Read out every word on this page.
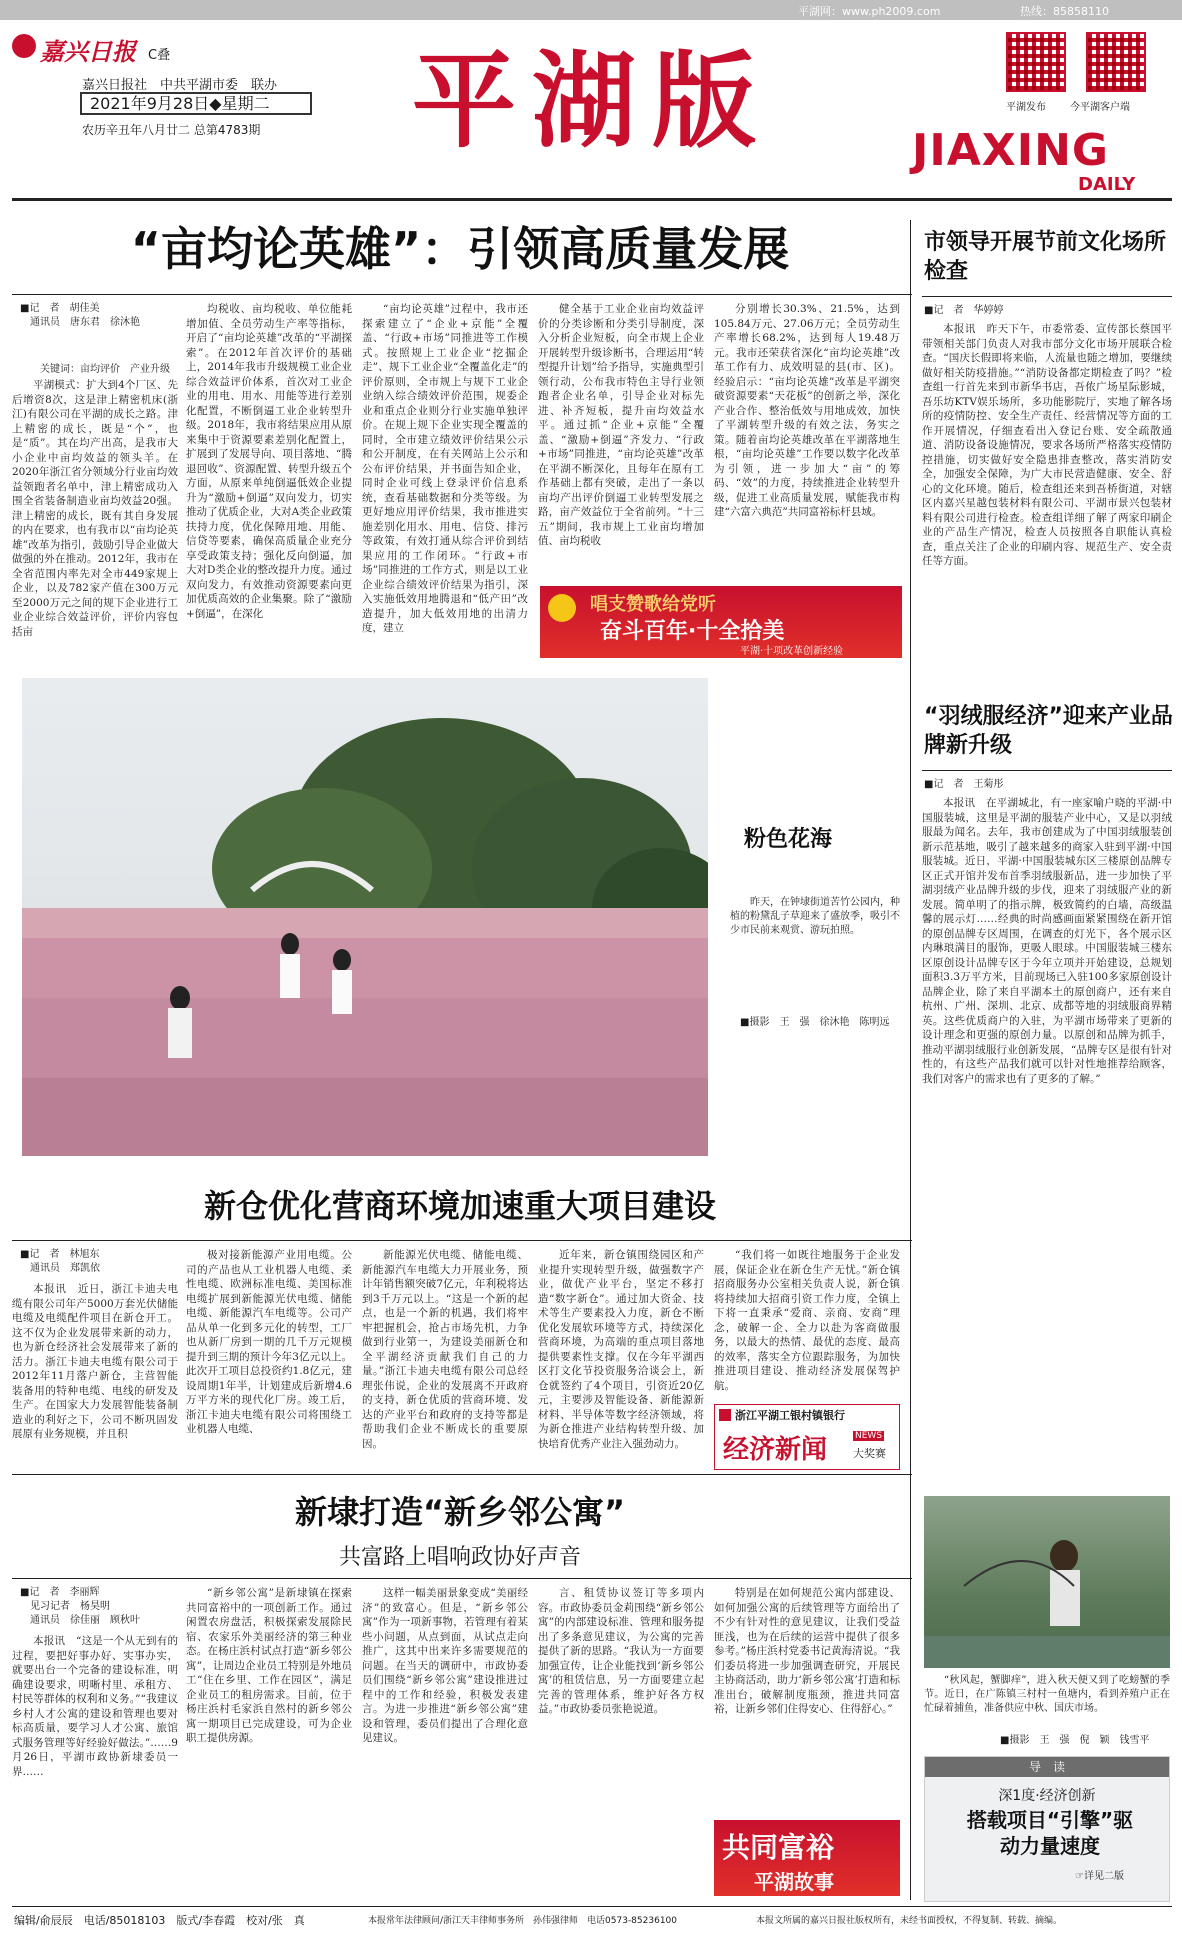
平湖网：www.ph2009.com	热线：85858110
嘉兴日报 C叠
嘉兴日报社　中共平湖市委　联办
2021年9月28日◆星期二
农历辛丑年八月廿二 总第4783期 平湖版	平湖发布 今平湖客户端
JIAXING
DAILY
“亩均论英雄”：引领高质量发展
■记　者　胡佳美
　通讯员　唐东君　徐沐艳
关键词：亩均评价　产业升级

平湖模式：扩大到4个厂区、先后增资8次，这是津上精密机床(浙江)有限公司在平湖的成长之路。津上精密的成长，既是“个”，也是“质”。其在均产出高，是我市大小企业中亩均效益的领头羊。在2020年浙江省分领域分行业亩均效益领跑者名单中，津上精密成功入围全省装备制造业亩均效益20强。津上精密的成长，既有其自身发展的内在要求，也有我市以“亩均论英雄”改革为指引，鼓励引导企业做大做强的外在推动。2012年，我市在全省范围内率先对全市449家规上企业，以及782家产值在300万元至2000万元之间的规下企业进行工业企业综合效益评价，评价内容包括亩

均税收、亩均税收、单位能耗增加值、全员劳动生产率等指标，开启了“亩均论英雄”改革的“平湖探索”。在2012年首次评价的基础上，2014年我市升级规模工业企业综合效益评价体系，首次对工业企业的用电、用水、用能等进行差别化配置，不断倒逼工业企业转型升级。2018年，我市将结果应用从原来集中于资源要素差别化配置上，扩展到了发展导向、项目落地、“腾退回收”、资源配置、转型升级五个方面，从原来单纯倒逼低效企业提升为“激励+倒逼”双向发力，切实推动了优质企业，大对A类企业政策扶持力度，优化保障用地、用能、信贷等要素，确保高质量企业充分享受政策支持；强化反向倒逼，加大对D类企业的整改提升力度。通过双向发力，有效推动资源要素向更加优质高效的企业集聚。除了“激励+倒逼”，在深化

“亩均论英雄”过程中，我市还探索建立了“企业+京能”全覆盖、“行政+市场”同推进等工作模式。按照规上工业企业“挖掘企走”、规下工业企业“全覆盖化走”的评价原则，全市规上与规下工业企业纳入综合绩效评价范围，规委企业和重点企业则分行业实施单独评价。在规上规下企业实现全覆盖的同时，全市建立绩效评价结果公示和公开制度，在有关网站上公示和公布评价结果，并书面告知企业，同时企业可线上登录评价信息系统，查看基础数据和分类等级。为更好地应用评价结果，我市推进实施差别化用水、用电、信贷、排污等政策，有效打通从综合评价到结果应用的工作闭环。“行政+市场”同推进的工作方式，则是以工业企业综合绩效评价结果为指引，深入实施低效用地腾退和“低产田”改造提升，加大低效用地的出清力度，建立

健全基于工业企业亩均效益评价的分类诊断和分类引导制度，深入分析企业短板，向全市规上企业开展转型升级诊断书，合理运用“转型提升计划”给予指导，实施典型引领行动，公布我市特色主导行业领跑者企业名单，引导企业对标先进、补齐短板，提升亩均效益水平。通过抓“企业+京能”全覆盖、“激励+倒逼”齐发力、“行政+市场”同推进，“亩均论英雄”改革在平湖不断深化，且每年在原有工作基础上都有突破，走出了一条以亩均产出评价倒逼工业转型发展之路，亩产效益位于全省前列。“十三五”期间，我市规上工业亩均增加值、亩均税收

分别增长30.3%、21.5%，达到105.84万元、27.06万元；全员劳动生产率增长68.2%，达到每人19.48万元。我市还荣获省深化“亩均论英雄”改革工作有力、成效明显的县(市、区)。经验启示：“亩均论英雄”改革是平湖突破资源要素“天花板”的创新之举，深化产业合作、整治低效与用地成效，加快了平湖转型升级的有效之法，务实之策。随着亩均论英雄改革在平湖落地生根，“亩均论英雄”工作要以数字化改革为引领，进一步加大“亩”的筹码、“效”的力度，持续推进企业转型升级，促进工业高质量发展，赋能我市构建“六富六典范”共同富裕标杆县域。

唱支赞歌给党听
奋斗百年·十全拾美
平湖·十项改革创新经验
粉色花海

昨天，在钟埭街道苦竹公园内，种植的粉黛乱子草迎来了盛放季，吸引不少市民前来观赏、游玩拍照。

■摄影　王　强　徐沐艳　陈明远
新仓优化营商环境加速重大项目建设
■记　者　林旭东
　通讯员　郑凯依

本报讯　近日，浙江卡迪夫电缆有限公司年产5000万套光伏储能电缆及电缆配件项目在新仓开工。这不仅为企业发展带来新的动力，也为新仓经济社会发展带来了新的活力。浙江卡迪夫电缆有限公司于2012年11月落户新仓，主营智能装备用的特种电缆、电线的研发及生产。在国家大力发展智能装备制造业的利好之下，公司不断巩固发展原有业务规模，并且积

极对接新能源产业用电缆。公司的产品也从工业机器人电缆、柔性电缆、欧洲标准电缆、美国标准电缆扩展到新能源光伏电缆、储能电缆、新能源汽车电缆等。公司产品从单一化到多元化的转型，工厂也从新厂房到一期的几千万元规模提升到三期的预计今年3亿元以上。此次开工项目总投资约1.8亿元，建设周期1年半，计划建成后新增4.6万平方米的现代化厂房。竣工后，浙江卡迪夫电缆有限公司将围绕工业机器人电缆、

新能源光伏电缆、储能电缆、新能源汽车电缆大力开展业务，预计年销售额突破7亿元，年利税将达到3千万元以上。“这是一个新的起点，也是一个新的机遇，我们将牢牢把握机会，抢占市场先机，力争做到行业第一，为建设美丽新仓和全平湖经济贡献我们自己的力量。”浙江卡迪夫电缆有限公司总经理张伟说，企业的发展离不开政府的支持，新仓优质的营商环境、发达的产业平台和政府的支持等都是帮助我们企业不断成长的重要原因。

近年来，新仓镇围绕园区和产业提升实现转型升级，做强数字产业，做优产业平台，坚定不移打造“数字新仓”。通过加大资金、技术等生产要素投入力度，新仓不断优化发展软环境等方式，持续深化营商环境，为高端的重点项目落地提供要素性支撑。仅在今年平湖西区打文化节投资服务洽谈会上，新仓就签约了4个项目，引资近20亿元，主要涉及智能设备、新能源新材料、半导体等数字经济领域，将为新仓推进产业结构转型升级、加快培育优秀产业注入强劲动力。

“我们将一如既往地服务于企业发展，保证企业在新仓生产无忧。”新仓镇招商服务办公室相关负责人说，新仓镇将持续加大招商引资工作力度，全镇上下将一直秉承“爱商、亲商、安商”理念，破解一企、全力以赴为客商做服务，以最大的热情、最优的态度、最高的效率，落实全方位跟踪服务，为加快推进项目建设、推动经济发展保驾护航。

浙江平湖工银村镇银行
经济新闻	NEWS
大奖赛
新埭打造“新乡邻公寓”
共富路上唱响政协好声音
■记　者　李丽辉
　见习记者　杨昊明
　通讯员　徐佳丽　顾秋叶

本报讯　“这是一个从无到有的过程，要把好事办好、实事办实，就要出台一个完备的建设标准，明确建设要求，明晰村里、承租方、村民等群体的权利和义务。”“我建议乡村人才公寓的建设和管理也要对标高质量，要学习人才公寓、旅馆式服务管理等好经验好做法。”……9月26日，平湖市政协新埭委员一界……

“新乡邻公寓”是新埭镇在探索共同富裕中的一项创新工作。通过闲置农房盘活，积极探索发展除民宿、农家乐外美丽经济的第三种业态。在杨庄浜村试点打造“新乡邻公寓”，让周边企业员工特别是外地员工“住在乡里、工作在园区”，满足企业员工的租房需求。目前，位于杨庄浜村毛家浜自然村的新乡邻公寓一期项目已完成建设，可为企业职工提供房源。

这样一幅美丽景象变成“美丽经济”的致富心。但是，“新乡邻公寓”作为一项新事物，若管理有着某些小问题，从点到面，从试点走向推广，这其中出来许多需要规范的问题。在当天的调研中，市政协委员们围绕“新乡邻公寓”建设推进过程中的工作和经验，积极发表建言。为进一步推进“新乡邻公寓”建设和管理，委员们提出了合理化意见建议。

言、租赁协议签订等多项内容。市政协委员金莉围绕“新乡邻公寓”的内部建设标准、管理和服务提出了多条意见建议，为公寓的完善提供了新的思路。“我认为一方面要加强宣传，让企业能找到‘新乡邻公寓’的租赁信息，另一方面要建立起完善的管理体系，维护好各方权益。”市政协委员张艳说道。

特别是在如何规范公寓内部建设、如何加强公寓的后续管理等方面给出了不少有针对性的意见建议，让我们受益匪浅，也为在后续的运营中提供了很多参考。”杨庄浜村党委书记黄海清说。“我们委员将进一步加强调查研究，开展民主协商活动，助力‘新乡邻公寓’打造和标准出台，破解制度瓶颈，推进共同富裕，让新乡邻们住得安心、住得舒心。”

共同富裕
平湖故事
市领导开展节前文化场所检查
■记　者　华婷婷

本报讯　昨天下午，市委常委、宣传部长蔡国平带领相关部门负责人对我市部分文化市场开展联合检查。“国庆长假即将来临，人流量也随之增加，要继续做好相关防疫措施。”“消防设备都定期检查了吗？”检查组一行首先来到市新华书店，吾侬广场星际影城，吾乐坊KTV娱乐场所，多功能影院厅，实地了解各场所的疫情防控、安全生产责任、经营情况等方面的工作开展情况，仔细查看出入登记台账、安全疏散通道、消防设备设施情况，要求各场所严格落实疫情防控措施，切实做好安全隐患排查整改，落实消防安全，加强安全保障，为广大市民营造健康、安全、舒心的文化环境。随后，检查组还来到吾桥街道，对辖区内嘉兴星越包装材料有限公司、平湖市景兴包装材料有限公司进行检查。检查组详细了解了两家印刷企业的产品生产情况，检查人员按照各自职能认真检查，重点关注了企业的印刷内容、规范生产、安全责任等方面。

“羽绒服经济”迎来产业品牌新升级
■记　者　王菊彤

本报讯　在平湖城北，有一座家喻户晓的平湖·中国服装城，这里是平湖的服装产业中心，又是以羽绒服最为闻名。去年，我市创建成为了中国羽绒服装创新示范基地，吸引了越来越多的商家入驻到平湖·中国服装城。近日，平湖·中国服装城东区三楼原创品牌专区正式开馆并发布首季羽绒服新品，进一步加快了平湖羽绒产业品牌升级的步伐，迎来了羽绒服产业的新发展。简单明了的指示牌，极致简约的白墙，高级温馨的展示灯……经典的时尚感画面紧紧围绕在新开馆的原创品牌专区周围，在调查的灯光下，各个展示区内琳琅满目的服饰，更吸人眼球。中国服装城三楼东区原创设计品牌专区于今年立项并开始建设，总规划面积3.3万平方米，目前现场已入驻100多家原创设计品牌企业，除了来自平湖本土的原创商户，还有来自杭州、广州、深圳、北京、成都等地的羽绒服商界精英。这些优质商户的入驻，为平湖市场带来了更新的设计理念和更强的原创力量。以原创和品牌为抓手，推动平湖羽绒服行业创新发展，“品牌专区是很有针对性的，有这些产品我们就可以针对性地推荐给顾客，我们对客户的需求也有了更多的了解。”

“秋风起，蟹脚痒”，进入秋天便又到了吃螃蟹的季节。近日，在广陈镇三村村一鱼塘内，看到养殖户正在忙碌着捕鱼，准备供应中秋、国庆市场。

■摄影　王　强　倪　颖　钱雪平
导　读
深1度·经济创新
搭载项目“引擎”驱动力量速度
☞详见二版
编辑/俞辰辰　电话/85018103　版式/李春霞　校对/张　真	本报常年法律顾问/浙江天丰律师事务所　孙伟强律师　电话0573-85236100	本报文所属的嘉兴日报社版权所有，未经书面授权，不得复制、转载、摘编。
